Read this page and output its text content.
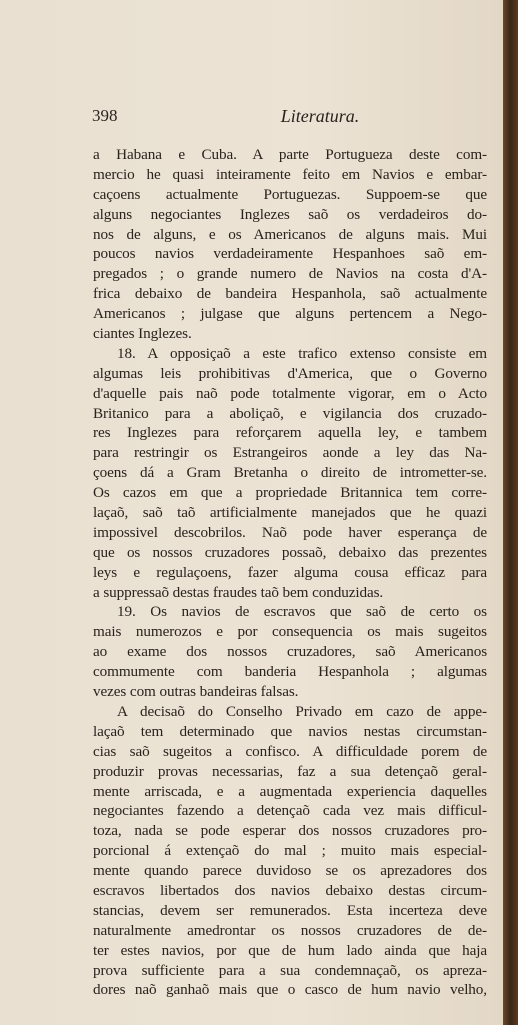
398	Literatura.
a Habana e Cuba. A parte Portugueza deste com-
mercio he quasi inteiramente feito em Navios e embar-
caçoens actualmente Portuguezas. Suppoem-se que
alguns negociantes Inglezes saõ os verdadeiros do-
nos de alguns, e os Americanos de alguns mais. Mui
poucos navios verdadeiramente Hespanhoes saõ em-
pregados ; o grande numero de Navios na costa d'A-
frica debaixo de bandeira Hespanhola, saõ actualmente
Americanos ; julgase que alguns pertencem a Nego-
ciantes Inglezes.
18. A opposiçaõ a este trafico extenso consiste em
algumas leis prohibitivas d'America, que o Governo
d'aquelle pais naõ pode totalmente vigorar, em o Acto
Britanico para a aboliçaõ, e vigilancia dos cruzado-
res Inglezes para reforçarem aquella ley, e tambem
para restringir os Estrangeiros aonde a ley das Na-
çoens dá a Gram Bretanha o direito de intrometter-se.
Os cazos em que a propriedade Britannica tem corre-
laçaõ, saõ taõ artificialmente manejados que he quazi
impossivel descobrilos. Naõ pode haver esperança de
que os nossos cruzadores possaõ, debaixo das prezentes
leys e regulaçoens, fazer alguma cousa efficaz para
a suppressaõ destas fraudes taõ bem conduzidas.
19. Os navios de escravos que saõ de certo os
mais numerozos e por consequencia os mais sugeitos
ao exame dos nossos cruzadores, saõ Americanos
commumente com banderia Hespanhola ; algumas
vezes com outras bandeiras falsas.
A decisaõ do Conselho Privado em cazo de appe-
laçaõ tem determinado que navios nestas circumstan-
cias saõ sugeitos a confisco. A difficuldade porem de
produzir provas necessarias, faz a sua detençaõ geral-
mente arriscada, e a augmentada experiencia daquelles
negociantes fazendo a detençaõ cada vez mais difficul-
toza, nada se pode esperar dos nossos cruzadores pro-
porcional á extençaõ do mal ; muito mais especial-
mente quando parece duvidoso se os aprezadores dos
escravos libertados dos navios debaixo destas circum-
stancias, devem ser remunerados. Esta incerteza deve
naturalmente amedrontar os nossos cruzadores de de-
ter estes navios, por que de hum lado ainda que haja
prova sufficiente para a sua condemnaçaõ, os apreza-
dores naõ ganhaõ mais que o casco de hum navio velho,
